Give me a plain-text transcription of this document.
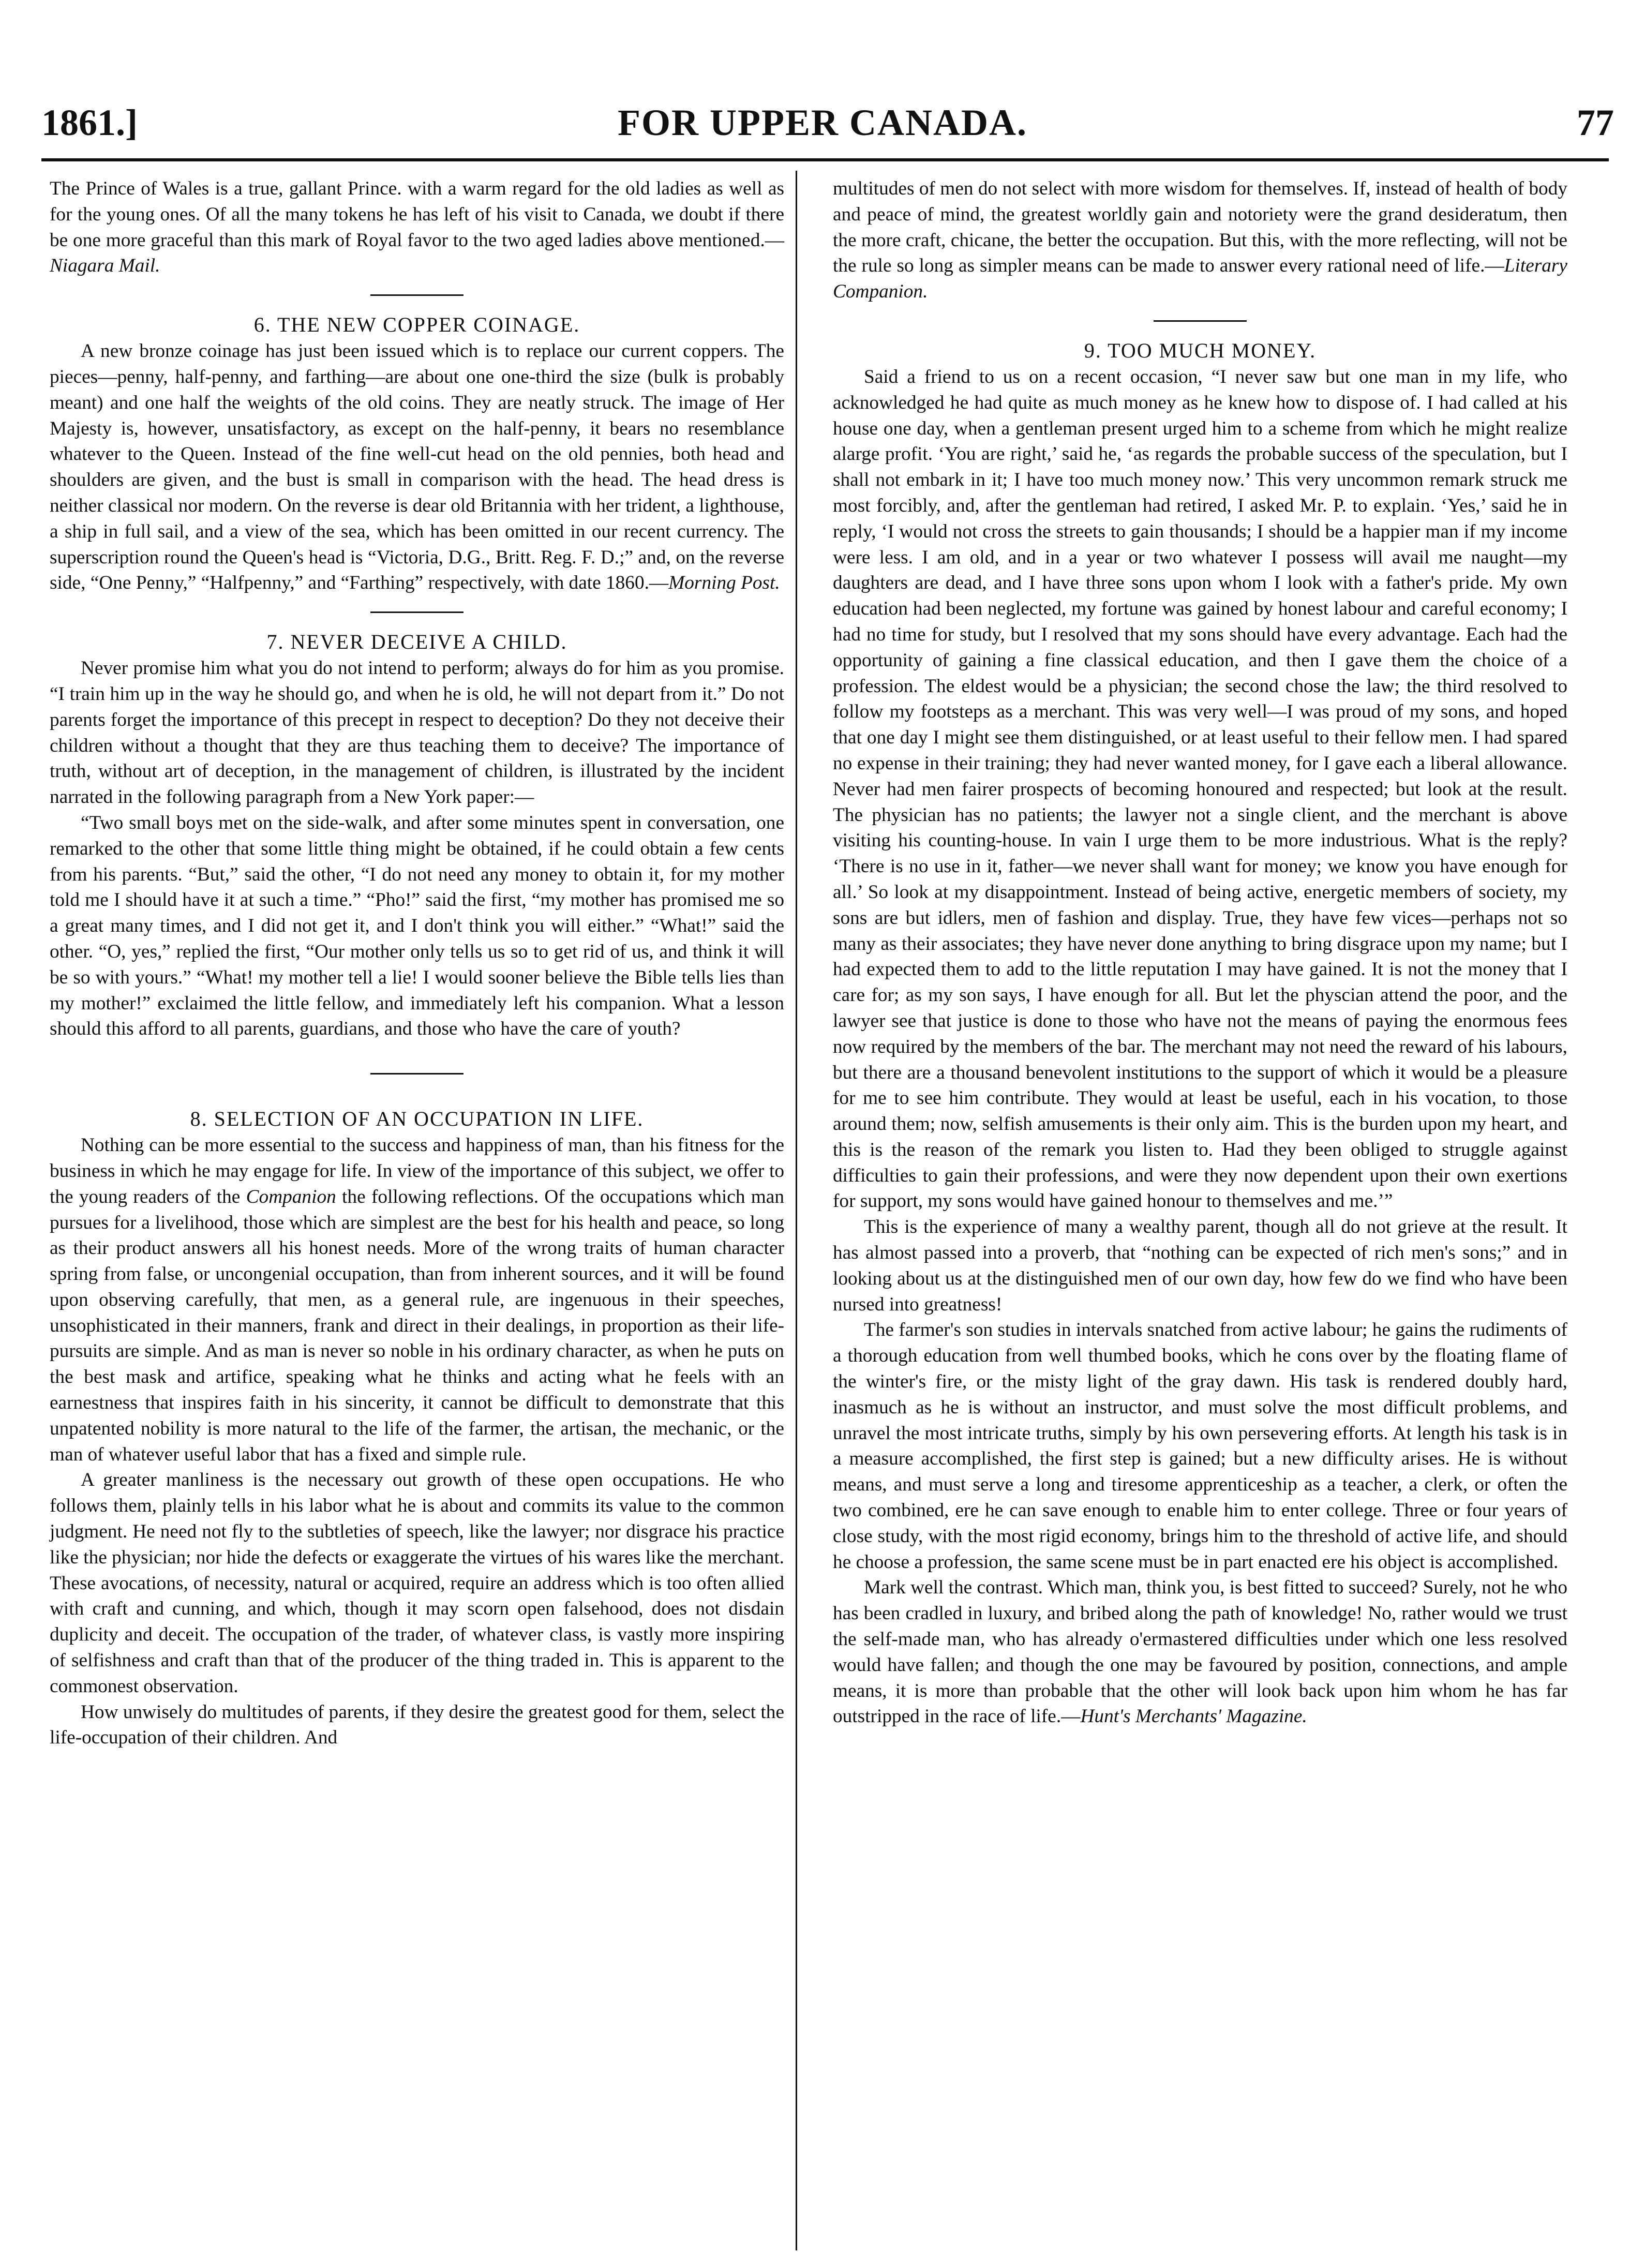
1861.]	FOR UPPER CANADA.	77

The Prince of Wales is a true, gallant Prince. with a warm regard for the old ladies as well as for the young ones. Of all the many tokens he has left of his visit to Canada, we doubt if there be one more graceful than this mark of Royal favor to the two aged ladies above mentioned.—Niagara Mail.

6. THE NEW COPPER COINAGE.

A new bronze coinage has just been issued which is to replace our current coppers. The pieces—penny, half-penny, and farthing—are about one one-third the size (bulk is probably meant) and one half the weights of the old coins. They are neatly struck. The image of Her Majesty is, however, unsatisfactory, as except on the half-penny, it bears no resemblance whatever to the Queen. Instead of the fine well-cut head on the old pennies, both head and shoulders are given, and the bust is small in comparison with the head. The head dress is neither classical nor modern. On the reverse is dear old Britannia with her trident, a lighthouse, a ship in full sail, and a view of the sea, which has been omitted in our recent currency. The superscription round the Queen's head is “Victoria, D.G., Britt. Reg. F. D.;” and, on the reverse side, “One Penny,” “Halfpenny,” and “Farthing” respectively, with date 1860.—Morning Post.

7. NEVER DECEIVE A CHILD.

Never promise him what you do not intend to perform; always do for him as you promise. “I train him up in the way he should go, and when he is old, he will not depart from it.” Do not parents forget the importance of this precept in respect to deception? Do they not deceive their children without a thought that they are thus teaching them to deceive? The importance of truth, without art of deception, in the management of children, is illustrated by the incident narrated in the following paragraph from a New York paper:—

“Two small boys met on the side-walk, and after some minutes spent in conversation, one remarked to the other that some little thing might be obtained, if he could obtain a few cents from his parents. “But,” said the other, “I do not need any money to obtain it, for my mother told me I should have it at such a time.” “Pho!” said the first, “my mother has promised me so a great many times, and I did not get it, and I don't think you will either.” “What!” said the other. “O, yes,” replied the first, “Our mother only tells us so to get rid of us, and think it will be so with yours.” “What! my mother tell a lie! I would sooner believe the Bible tells lies than my mother!” exclaimed the little fellow, and immediately left his companion. What a lesson should this afford to all parents, guardians, and those who have the care of youth?

8. SELECTION OF AN OCCUPATION IN LIFE.

Nothing can be more essential to the success and happiness of man, than his fitness for the business in which he may engage for life. In view of the importance of this subject, we offer to the young readers of the Companion the following reflections. Of the occupations which man pursues for a livelihood, those which are simplest are the best for his health and peace, so long as their product answers all his honest needs. More of the wrong traits of human character spring from false, or uncongenial occupation, than from inherent sources, and it will be found upon observing carefully, that men, as a general rule, are ingenuous in their speeches, unsophisticated in their manners, frank and direct in their dealings, in proportion as their life-pursuits are simple. And as man is never so noble in his ordinary character, as when he puts on the best mask and artifice, speaking what he thinks and acting what he feels with an earnestness that inspires faith in his sincerity, it cannot be difficult to demonstrate that this unpatented nobility is more natural to the life of the farmer, the artisan, the mechanic, or the man of whatever useful labor that has a fixed and simple rule.

A greater manliness is the necessary out growth of these open occupations. He who follows them, plainly tells in his labor what he is about and commits its value to the common judgment. He need not fly to the subtleties of speech, like the lawyer; nor disgrace his practice like the physician; nor hide the defects or exaggerate the virtues of his wares like the merchant. These avocations, of necessity, natural or acquired, require an address which is too often allied with craft and cunning, and which, though it may scorn open falsehood, does not disdain duplicity and deceit. The occupation of the trader, of whatever class, is vastly more inspiring of selfishness and craft than that of the producer of the thing traded in. This is apparent to the commonest observation.

How unwisely do multitudes of parents, if they desire the greatest good for them, select the life-occupation of their children. And

multitudes of men do not select with more wisdom for themselves. If, instead of health of body and peace of mind, the greatest worldly gain and notoriety were the grand desideratum, then the more craft, chicane, the better the occupation. But this, with the more reflecting, will not be the rule so long as simpler means can be made to answer every rational need of life.—Literary Companion.

9. TOO MUCH MONEY.

Said a friend to us on a recent occasion, “I never saw but one man in my life, who acknowledged he had quite as much money as he knew how to dispose of. I had called at his house one day, when a gentleman present urged him to a scheme from which he might realize alarge profit. ‘You are right,’ said he, ‘as regards the probable success of the speculation, but I shall not embark in it; I have too much money now.’ This very uncommon remark struck me most forcibly, and, after the gentleman had retired, I asked Mr. P. to explain. ‘Yes,’ said he in reply, ‘I would not cross the streets to gain thousands; I should be a happier man if my income were less. I am old, and in a year or two whatever I possess will avail me naught—my daughters are dead, and I have three sons upon whom I look with a father's pride. My own education had been neglected, my fortune was gained by honest labour and careful economy; I had no time for study, but I resolved that my sons should have every advantage. Each had the opportunity of gaining a fine classical education, and then I gave them the choice of a profession. The eldest would be a physician; the second chose the law; the third resolved to follow my footsteps as a merchant. This was very well—I was proud of my sons, and hoped that one day I might see them distinguished, or at least useful to their fellow men. I had spared no expense in their training; they had never wanted money, for I gave each a liberal allowance. Never had men fairer prospects of becoming honoured and respected; but look at the result. The physician has no patients; the lawyer not a single client, and the merchant is above visiting his counting-house. In vain I urge them to be more industrious. What is the reply? ‘There is no use in it, father—we never shall want for money; we know you have enough for all.’ So look at my disappointment. Instead of being active, energetic members of society, my sons are but idlers, men of fashion and display. True, they have few vices—perhaps not so many as their associates; they have never done anything to bring disgrace upon my name; but I had expected them to add to the little reputation I may have gained. It is not the money that I care for; as my son says, I have enough for all. But let the physcian attend the poor, and the lawyer see that justice is done to those who have not the means of paying the enormous fees now required by the members of the bar. The merchant may not need the reward of his labours, but there are a thousand benevolent institutions to the support of which it would be a pleasure for me to see him contribute. They would at least be useful, each in his vocation, to those around them; now, selfish amusements is their only aim. This is the burden upon my heart, and this is the reason of the remark you listen to. Had they been obliged to struggle against difficulties to gain their professions, and were they now dependent upon their own exertions for support, my sons would have gained honour to themselves and me.’”

This is the experience of many a wealthy parent, though all do not grieve at the result. It has almost passed into a proverb, that “nothing can be expected of rich men's sons;” and in looking about us at the distinguished men of our own day, how few do we find who have been nursed into greatness!

The farmer's son studies in intervals snatched from active labour; he gains the rudiments of a thorough education from well thumbed books, which he cons over by the floating flame of the winter's fire, or the misty light of the gray dawn. His task is rendered doubly hard, inasmuch as he is without an instructor, and must solve the most difficult problems, and unravel the most intricate truths, simply by his own persevering efforts. At length his task is in a measure accomplished, the first step is gained; but a new difficulty arises. He is without means, and must serve a long and tiresome apprenticeship as a teacher, a clerk, or often the two combined, ere he can save enough to enable him to enter college. Three or four years of close study, with the most rigid economy, brings him to the threshold of active life, and should he choose a profession, the same scene must be in part enacted ere his object is accomplished.

Mark well the contrast. Which man, think you, is best fitted to succeed? Surely, not he who has been cradled in luxury, and bribed along the path of knowledge! No, rather would we trust the self-made man, who has already o'ermastered difficulties under which one less resolved would have fallen; and though the one may be favoured by position, connections, and ample means, it is more than probable that the other will look back upon him whom he has far outstripped in the race of life.—Hunt's Merchants' Magazine.
